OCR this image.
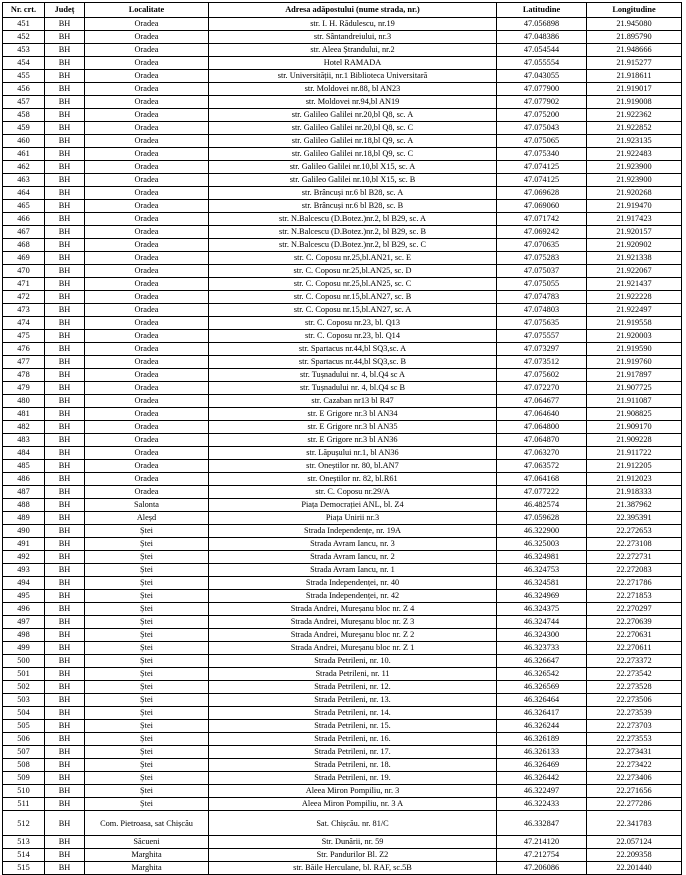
Nr. crt.	Județ	Localitate	Adresa adăpostului (nume strada, nr.)	Latitudine	Longitudine
451	BH	Oradea	str. I. H. Rădulescu, nr.19	47.056898	21.945080
452	BH	Oradea	str. Sântandreiului, nr.3	47.048386	21.895790
453	BH	Oradea	str. Aleea Ștrandului, nr.2	47.054544	21.948666
454	BH	Oradea	Hotel RAMADA	47.055554	21.915277
455	BH	Oradea	str. Universității, nr.1 Biblioteca Universitară	47.043055	21.918611
456	BH	Oradea	str. Moldovei nr.88, bl AN23	47.077900	21.919017
457	BH	Oradea	str. Moldovei nr.94,bl AN19	47.077902	21.919008
458	BH	Oradea	str. Galileo Galilei nr.20,bl Q8, sc. A	47.075200	21.922362
459	BH	Oradea	str. Galileo Galilei nr.20,bl Q8, sc. C	47.075043	21.922852
460	BH	Oradea	str. Galileo Galilei nr.18,bl Q9, sc. A	47.075065	21.923135
461	BH	Oradea	str. Galileo Galilei nr.18,bl Q9, sc. C	47.075340	21.922483
462	BH	Oradea	str. Galileo Galilei nr.10,bl X15, sc. A	47.074125	21.923900
463	BH	Oradea	str. Galileo Galilei nr.10,bl X15, sc. B	47.074125	21.923900
464	BH	Oradea	str. Brâncuși nr.6 bl B28, sc. A	47.069628	21.920268
465	BH	Oradea	str. Brâncuși nr.6 bl B28, sc. B	47.069060	21.919470
466	BH	Oradea	str. N.Balcescu (D.Botez.)nr.2, bl B29, sc. A	47.071742	21.917423
467	BH	Oradea	str. N.Balcescu (D.Botez.)nr.2, bl B29, sc. B	47.069242	21.920157
468	BH	Oradea	str. N.Balcescu (D.Botez.)nr.2, bl B29, sc. C	47.070635	21.920902
469	BH	Oradea	str. C. Coposu nr.25,bl.AN21, sc. E	47.075283	21.921338
470	BH	Oradea	str. C. Coposu nr.25,bl.AN25, sc. D	47.075037	21.922067
471	BH	Oradea	str. C. Coposu nr.25,bl.AN25, sc. C	47.075055	21.921437
472	BH	Oradea	str. C. Coposu nr.15,bl.AN27, sc. B	47.074783	21.922228
473	BH	Oradea	str. C. Coposu nr.15,bl.AN27, sc. A	47.074803	21.922497
474	BH	Oradea	str. C. Coposu nr.23, bl. Q13	47.075635	21.919558
475	BH	Oradea	str. C. Coposu nr.23, bl. Q14	47.075557	21.920003
476	BH	Oradea	str. Spartacus nr.44,bl SQ3,sc. A	47.073297	21.919590
477	BH	Oradea	str. Spartacus nr.44,bl SQ3,sc. B	47.073512	21.919760
478	BH	Oradea	str. Tușnadului nr. 4, bl.Q4 sc A	47.075602	21.917897
479	BH	Oradea	str. Tușnadului nr. 4, bl.Q4 sc B	47.072270	21.907725
480	BH	Oradea	str. Cazaban nr13 bl R47	47.064677	21.911087
481	BH	Oradea	str. E Grigore nr.3 bl AN34	47.064640	21.908825
482	BH	Oradea	str. E Grigore nr.3 bl AN35	47.064800	21.909170
483	BH	Oradea	str. E Grigore nr.3 bl AN36	47.064870	21.909228
484	BH	Oradea	str. Lăpușului nr.1, bl AN36	47.063270	21.911722
485	BH	Oradea	str. Oneștilor nr. 80, bl.AN7	47.063572	21.912205
486	BH	Oradea	str. Oneștilor nr. 82, bl.R61	47.064168	21.912023
487	BH	Oradea	str. C. Coposu nr.29/A	47.077222	21.918333
488	BH	Salonta	Piața Democrației ANL, bl. Z4	46.482574	21.387962
489	BH	Aleșd	Piața Unirii nr.3	47.059628	22.395391
490	BH	Ștei	Strada Independențe, nr. 19A	46.322900	22.272653
491	BH	Ștei	Strada Avram Iancu, nr. 3	46.325003	22.273108
492	BH	Ștei	Strada Avram Iancu, nr. 2	46.324981	22.272731
493	BH	Ștei	Strada Avram Iancu, nr. 1	46.324753	22.272083
494	BH	Ștei	Strada Independenței, nr. 40	46.324581	22.271786
495	BH	Ștei	Strada Independenței, nr. 42	46.324969	22.271853
496	BH	Ștei	Strada Andrei, Mureșanu bloc nr. Z 4	46.324375	22.270297
497	BH	Ștei	Strada Andrei, Mureșanu bloc nr. Z 3	46.324744	22.270639
498	BH	Ștei	Strada Andrei, Mureșanu bloc nr. Z 2	46.324300	22.270631
499	BH	Ștei	Strada Andrei, Mureșanu bloc nr. Z 1	46.323733	22.270611
500	BH	Ștei	Strada Petrileni, nr. 10.	46.326647	22.273372
501	BH	Ștei	Strada Petrileni, nr. 11	46.326542	22.273542
502	BH	Ștei	Strada Petrileni, nr. 12.	46.326569	22.273528
503	BH	Ștei	Strada Petrileni, nr. 13.	46.326464	22.273506
504	BH	Ștei	Strada Petrileni, nr. 14.	46.326417	22.273539
505	BH	Ștei	Strada Petrileni, nr. 15.	46.326244	22.273703
506	BH	Ștei	Strada Petrileni, nr. 16.	46.326189	22.273553
507	BH	Ștei	Strada Petrileni, nr. 17.	46.326133	22.273431
508	BH	Ștei	Strada Petrileni, nr. 18.	46.326469	22.273422
509	BH	Ștei	Strada Petrileni, nr. 19.	46.326442	22.273406
510	BH	Ștei	Aleea Miron Pompiliu, nr. 3	46.322497	22.271656
511	BH	Ștei	Aleea Miron Pompiliu, nr. 3 A	46.322433	22.277286
512	BH	Com. Pietroasa, sat Chișcău	Sat. Chișcău. nr. 81/C	46.332847	22.341783
513	BH	Săcueni	Str. Dunării, nr. 59	47.214120	22.057124
514	BH	Marghita	Str. Pandurilor Bl. Z2	47.212754	22.209358
515	BH	Marghita	str. Băile Herculane, bl. RAF, sc.5B	47.206086	22.201440
